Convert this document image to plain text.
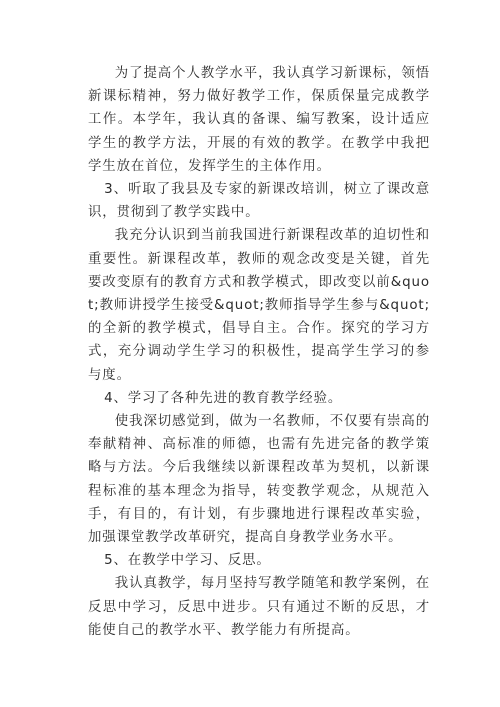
为了提高个人教学水平，我认真学习新课标，领悟新课标精神，努力做好教学工作，保质保量完成教学工作。本学年，我认真的备课、编写教案，设计适应学生的教学方法，开展的有效的教学。在教学中我把学生放在首位，发挥学生的主体作用。

3、听取了我县及专家的新课改培训，树立了课改意识，贯彻到了教学实践中。

我充分认识到当前我国进行新课程改革的迫切性和重要性。新课程改革，教师的观念改变是关键，首先要改变原有的教育方式和教学模式，即改变以前&quot;教师讲授学生接受&quot;教师指导学生参与&quot;的全新的教学模式，倡导自主。合作。探究的学习方式，充分调动学生学习的积极性，提高学生学习的参与度。

4、学习了各种先进的教育教学经验。

使我深切感觉到，做为一名教师，不仅要有崇高的奉献精神、高标准的师德，也需有先进完备的教学策略与方法。今后我继续以新课程改革为契机，以新课程标准的基本理念为指导，转变教学观念，从规范入手，有目的，有计划，有步骤地进行课程改革实验，加强课堂教学改革研究，提高自身教学业务水平。

5、在教学中学习、反思。

我认真教学，每月坚持写教学随笔和教学案例，在反思中学习，反思中进步。只有通过不断的反思，才能使自己的教学水平、教学能力有所提高。
